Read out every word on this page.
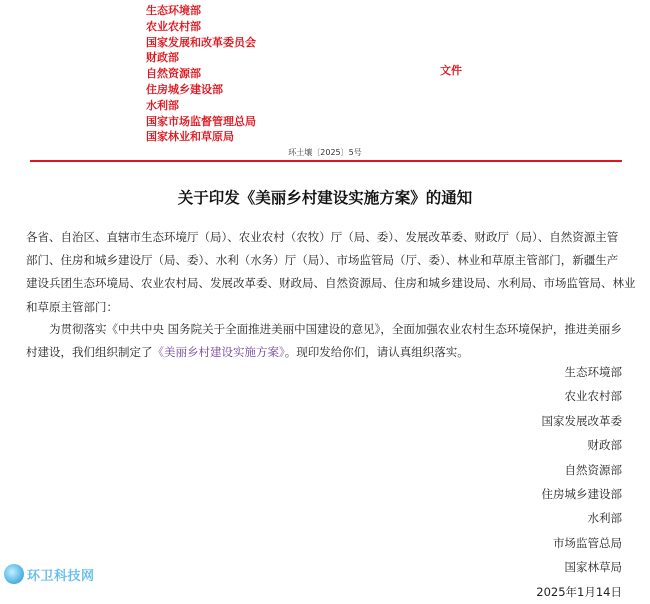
生态环境部
农业农村部
国家发展和改革委员会
财政部
自然资源部
住房城乡建设部
水利部
国家市场监督管理总局
国家林业和草原局
文件
环土壤〔2025〕5号
关于印发《美丽乡村建设实施方案》的通知
各省、自治区、直辖市生态环境厅（局）、农业农村（农牧）厅（局、委）、发展改革委、财政厅（局）、自然资源主管
部门、住房和城乡建设厅（局、委）、水利（水务）厅（局）、市场监管局（厅、委）、林业和草原主管部门，新疆生产
建设兵团生态环境局、农业农村局、发展改革委、财政局、自然资源局、住房和城乡建设局、水利局、市场监管局、林业
和草原主管部门：
为贯彻落实《中共中央 国务院关于全面推进美丽中国建设的意见》，全面加强农业农村生态环境保护，推进美丽乡
村建设，我们组织制定了《美丽乡村建设实施方案》。现印发给你们，请认真组织落实。
生态环境部
农业农村部
国家发展改革委
财政部
自然资源部
住房城乡建设部
水利部
市场监管总局
国家林草局
2025年1月14日
环卫科技网
